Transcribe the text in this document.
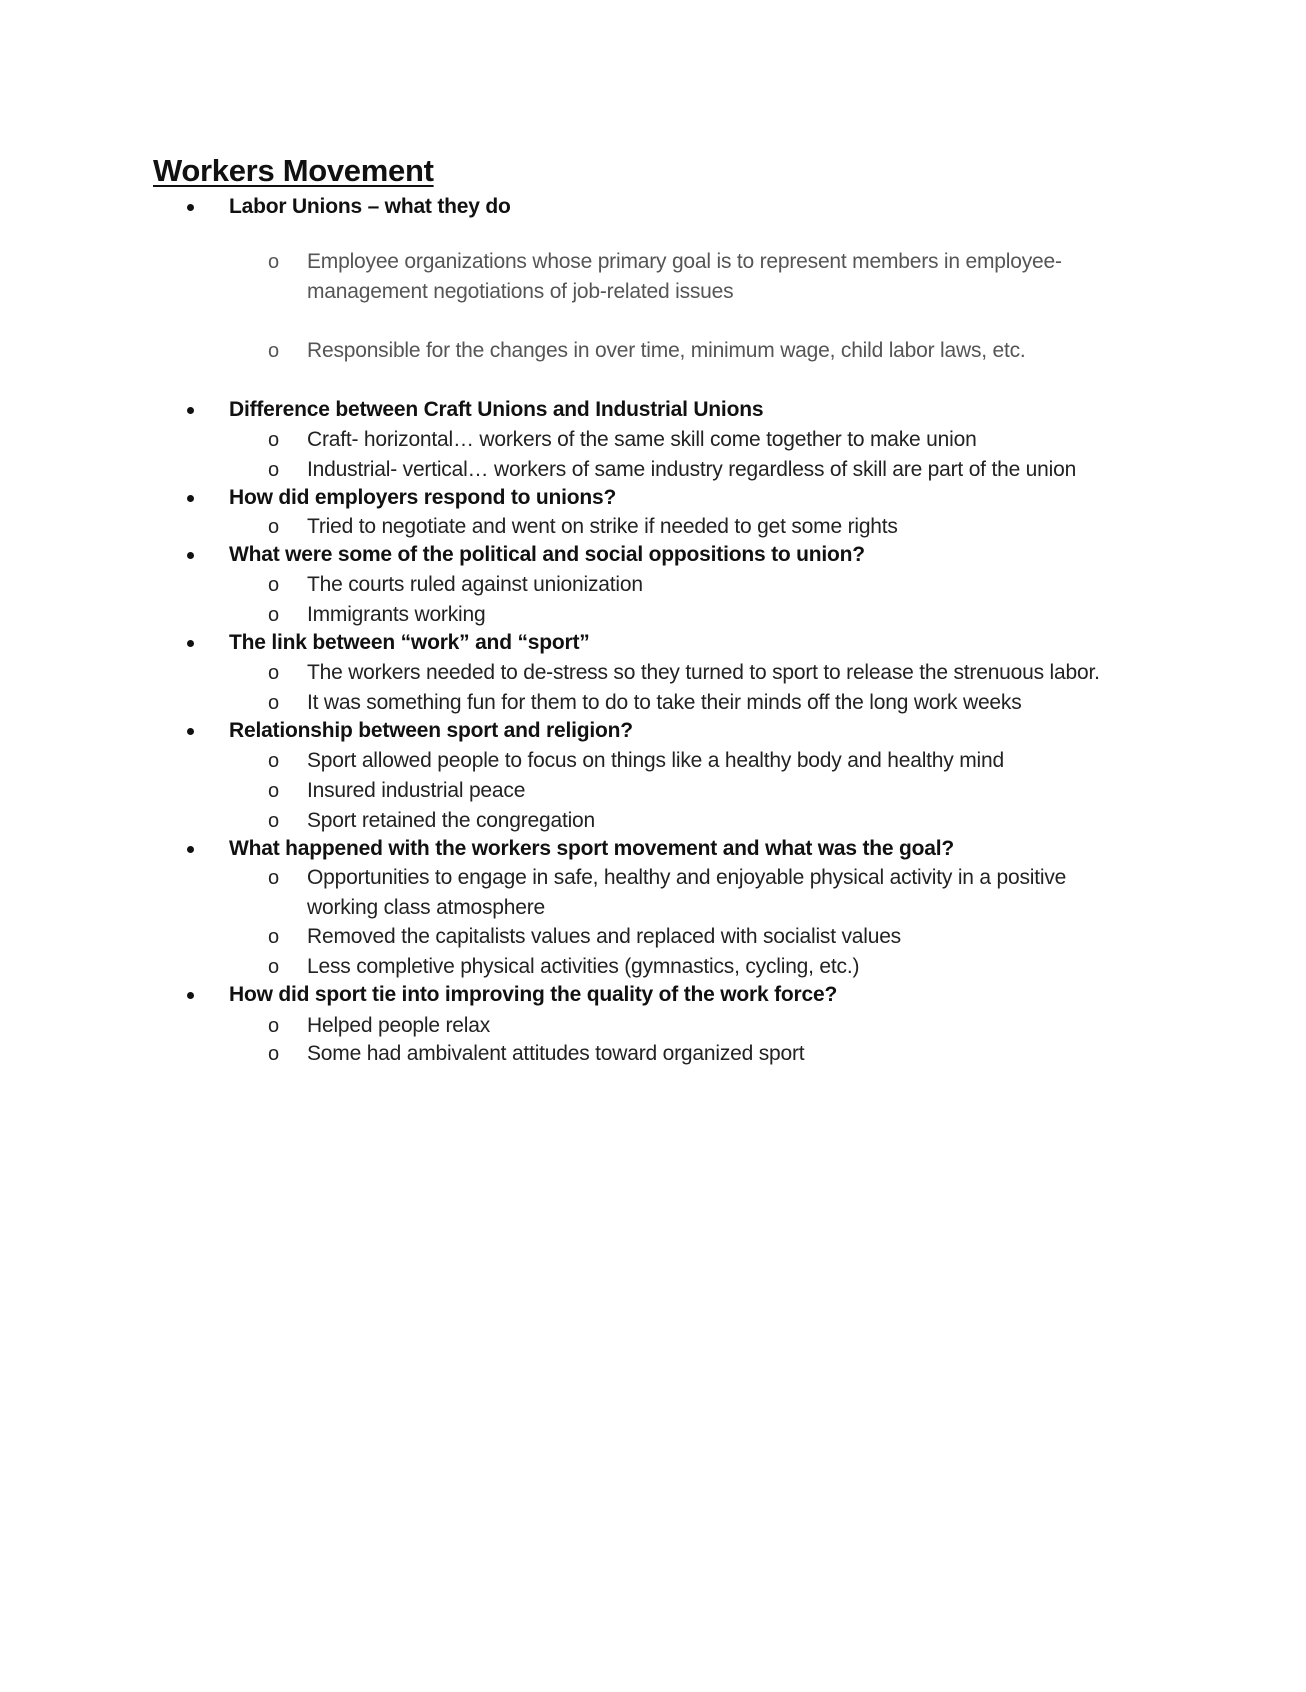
Workers Movement
Labor Unions – what they do
o Employee organizations whose primary goal is to represent members in employee-management negotiations of job-related issues
o Responsible for the changes in over time, minimum wage, child labor laws, etc.
Difference between Craft Unions and Industrial Unions
o Craft- horizontal… workers of the same skill come together to make union
o Industrial- vertical… workers of same industry regardless of skill are part of the union
How did employers respond to unions?
o Tried to negotiate and went on strike if needed to get some rights
What were some of the political and social oppositions to union?
o The courts ruled against unionization
o Immigrants working
The link between “work” and “sport”
o The workers needed to de-stress so they turned to sport to release the strenuous labor.
o It was something fun for them to do to take their minds off the long work weeks
Relationship between sport and religion?
o Sport allowed people to focus on things like a healthy body and healthy mind
o Insured industrial peace
o Sport retained the congregation
What happened with the workers sport movement and what was the goal?
o Opportunities to engage in safe, healthy and enjoyable physical activity in a positive working class atmosphere
o Removed the capitalists values and replaced with socialist values
o Less completive physical activities (gymnastics, cycling, etc.)
How did sport tie into improving the quality of the work force?
o Helped people relax
o Some had ambivalent attitudes toward organized sport
